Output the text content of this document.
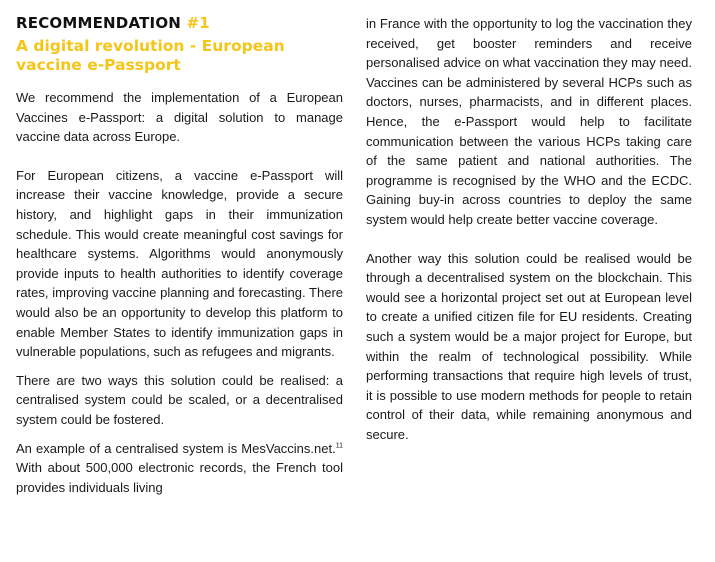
RECOMMENDATION #1
A digital revolution - European vaccine e-Passport

We recommend the implementation of a European Vaccines e-Passport: a digital solution to manage vaccine data across Europe.

For European citizens, a vaccine e-Passport will increase their vaccine knowledge, provide a secure history, and highlight gaps in their immunization schedule. This would create meaningful cost savings for healthcare systems. Algorithms would anonymously provide inputs to health authorities to identify coverage rates, improving vaccine planning and forecasting. There would also be an opportunity to develop this platform to enable Member States to identify immunization gaps in vulnerable populations, such as refugees and migrants.

There are two ways this solution could be realised: a centralised system could be scaled, or a decentralised system could be fostered.

An example of a centralised system is MesVaccins.net.$^{11}$ With about 500,000 electronic records, the French tool provides individuals living

in France with the opportunity to log the vaccination they received, get booster reminders and receive personalised advice on what vaccination they may need. Vaccines can be administered by several HCPs such as doctors, nurses, pharmacists, and in different places. Hence, the e-Passport would help to facilitate communication between the various HCPs taking care of the same patient and national authorities. The programme is recognised by the WHO and the ECDC. Gaining buy-in across countries to deploy the same system would help create better vaccine coverage.

Another way this solution could be realised would be through a decentralised system on the blockchain. This would see a horizontal project set out at European level to create a unified citizen file for EU residents. Creating such a system would be a major project for Europe, but within the realm of technological possibility. While performing transactions that require high levels of trust, it is possible to use modern methods for people to retain control of their data, while remaining anonymous and secure.
